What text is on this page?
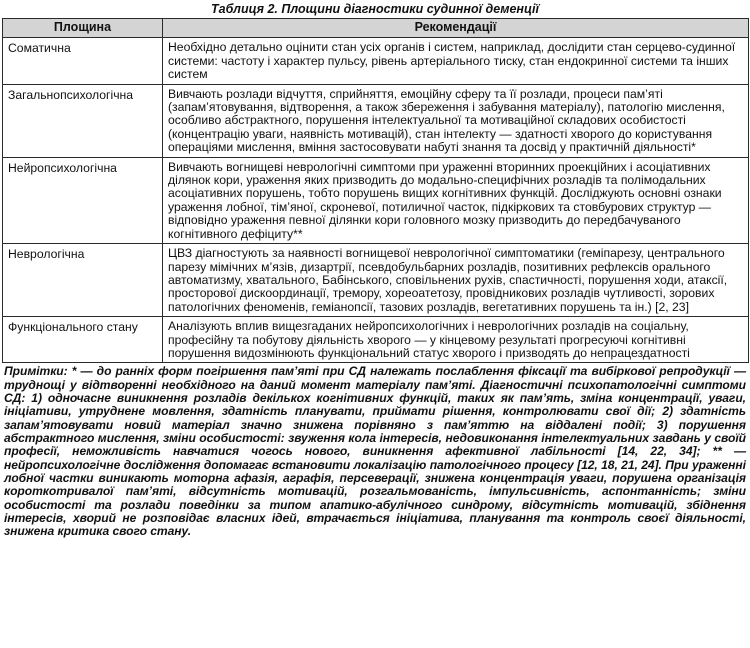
Таблиця 2. Площини діагностики судинної деменції
Площина	Рекомендації
Соматична	Необхідно детально оцінити стан усіх органів і систем, наприклад, дослідити стан серцево-судинної системи: частоту і характер пульсу, рівень артеріального тиску, стан ендокринної системи та інших систем
Загальнопсихологічна	Вивчають розлади відчуття, сприйняття, емоційну сферу та її розлади, процеси пам’яті (запам’ятовування, відтворення, а також збереження і забування матеріалу), патологію мислення, особливо абстрактного, порушення інтелектуальної та мотиваційної складових особистості (концентрацію уваги, наявність мотивацій), стан інтелекту — здатності хворого до користування операціями мислення, вміння застосовувати набуті знання та досвід у практичній діяльності*
Нейропсихологічна	Вивчають вогнищеві неврологічні симптоми при ураженні вторинних проекційних і асоціативних ділянок кори, ураження яких призводить до модально-специфічних розладів та полімодальних асоціативних порушень, тобто порушень вищих когнітивних функцій. Досліджують основні ознаки ураження лобної, тім’яної, скроневої, потиличної часток, підкіркових та стовбурових структур — відповідно ураження певної ділянки кори головного мозку призводить до передбачуваного когнітивного дефіциту**
Неврологічна	ЦВЗ діагностують за наявності вогнищевої неврологічної симптоматики (геміпарезу, центрального парезу мімічних м’язів, дизартрії, псевдобульбарних розладів, позитивних рефлексів орального автоматизму, хватального, Бабінського, сповільнених рухів, спастичності, порушення ходи, атаксії, просторової дискоординації, тремору, хореоатетозу, провідникових розладів чутливості, зорових патологічних феноменів, геміанопсії, тазових розладів, вегетативних порушень та ін.) [2, 23]
Функціонального стану	Аналізують вплив вищезгаданих нейропсихологічних і неврологічних розладів на соціальну, професійну та побутову діяльність хворого — у кінцевому результаті прогресуючі когнітивні порушення видозмінюють функціональний статус хворого і призводять до непрацездатності
Примітки: * — до ранніх форм погіршення пам’яті при СД належать послаблення фіксації та вибіркової репродукції — труднощі у відтворенні необхідного на даний момент матеріалу пам’яті. Діагностичні психопатологічні симптоми СД: 1) одночасне виникнення розладів декількох когнітивних функцій, таких як пам’ять, зміна концентрації, уваги, ініціативи, утруднене мовлення, здатність планувати, приймати рішення, контролювати свої дії; 2) здатність запам’ятовувати новий матеріал значно знижена порівняно з пам’яттю на віддалені події; 3) порушення абстрактного мислення, зміни особистості: звуження кола інтересів, недовиконання інтелектуальних завдань у своїй професії, неможливість навчатися чогось нового, виникнення афективної лабільності [14, 22, 34]; ** — нейропсихологічне дослідження допомагає встановити локалізацію патологічного процесу [12, 18, 21, 24]. При ураженні лобної частки виникають моторна афазія, аграфія, персеверації, знижена концентрація уваги, порушена організація короткотривалої пам’яті, відсутність мотивацій, розгальмованість, імпульсивність, аспонтанність; зміни особистості та розлади поведінки за типом апатико-абулічного синдрому, відсутність мотивацій, збіднення інтересів, хворий не розповідає власних ідей, втрачається ініціатива, планування та контроль своєї діяльності, знижена критика свого стану.
